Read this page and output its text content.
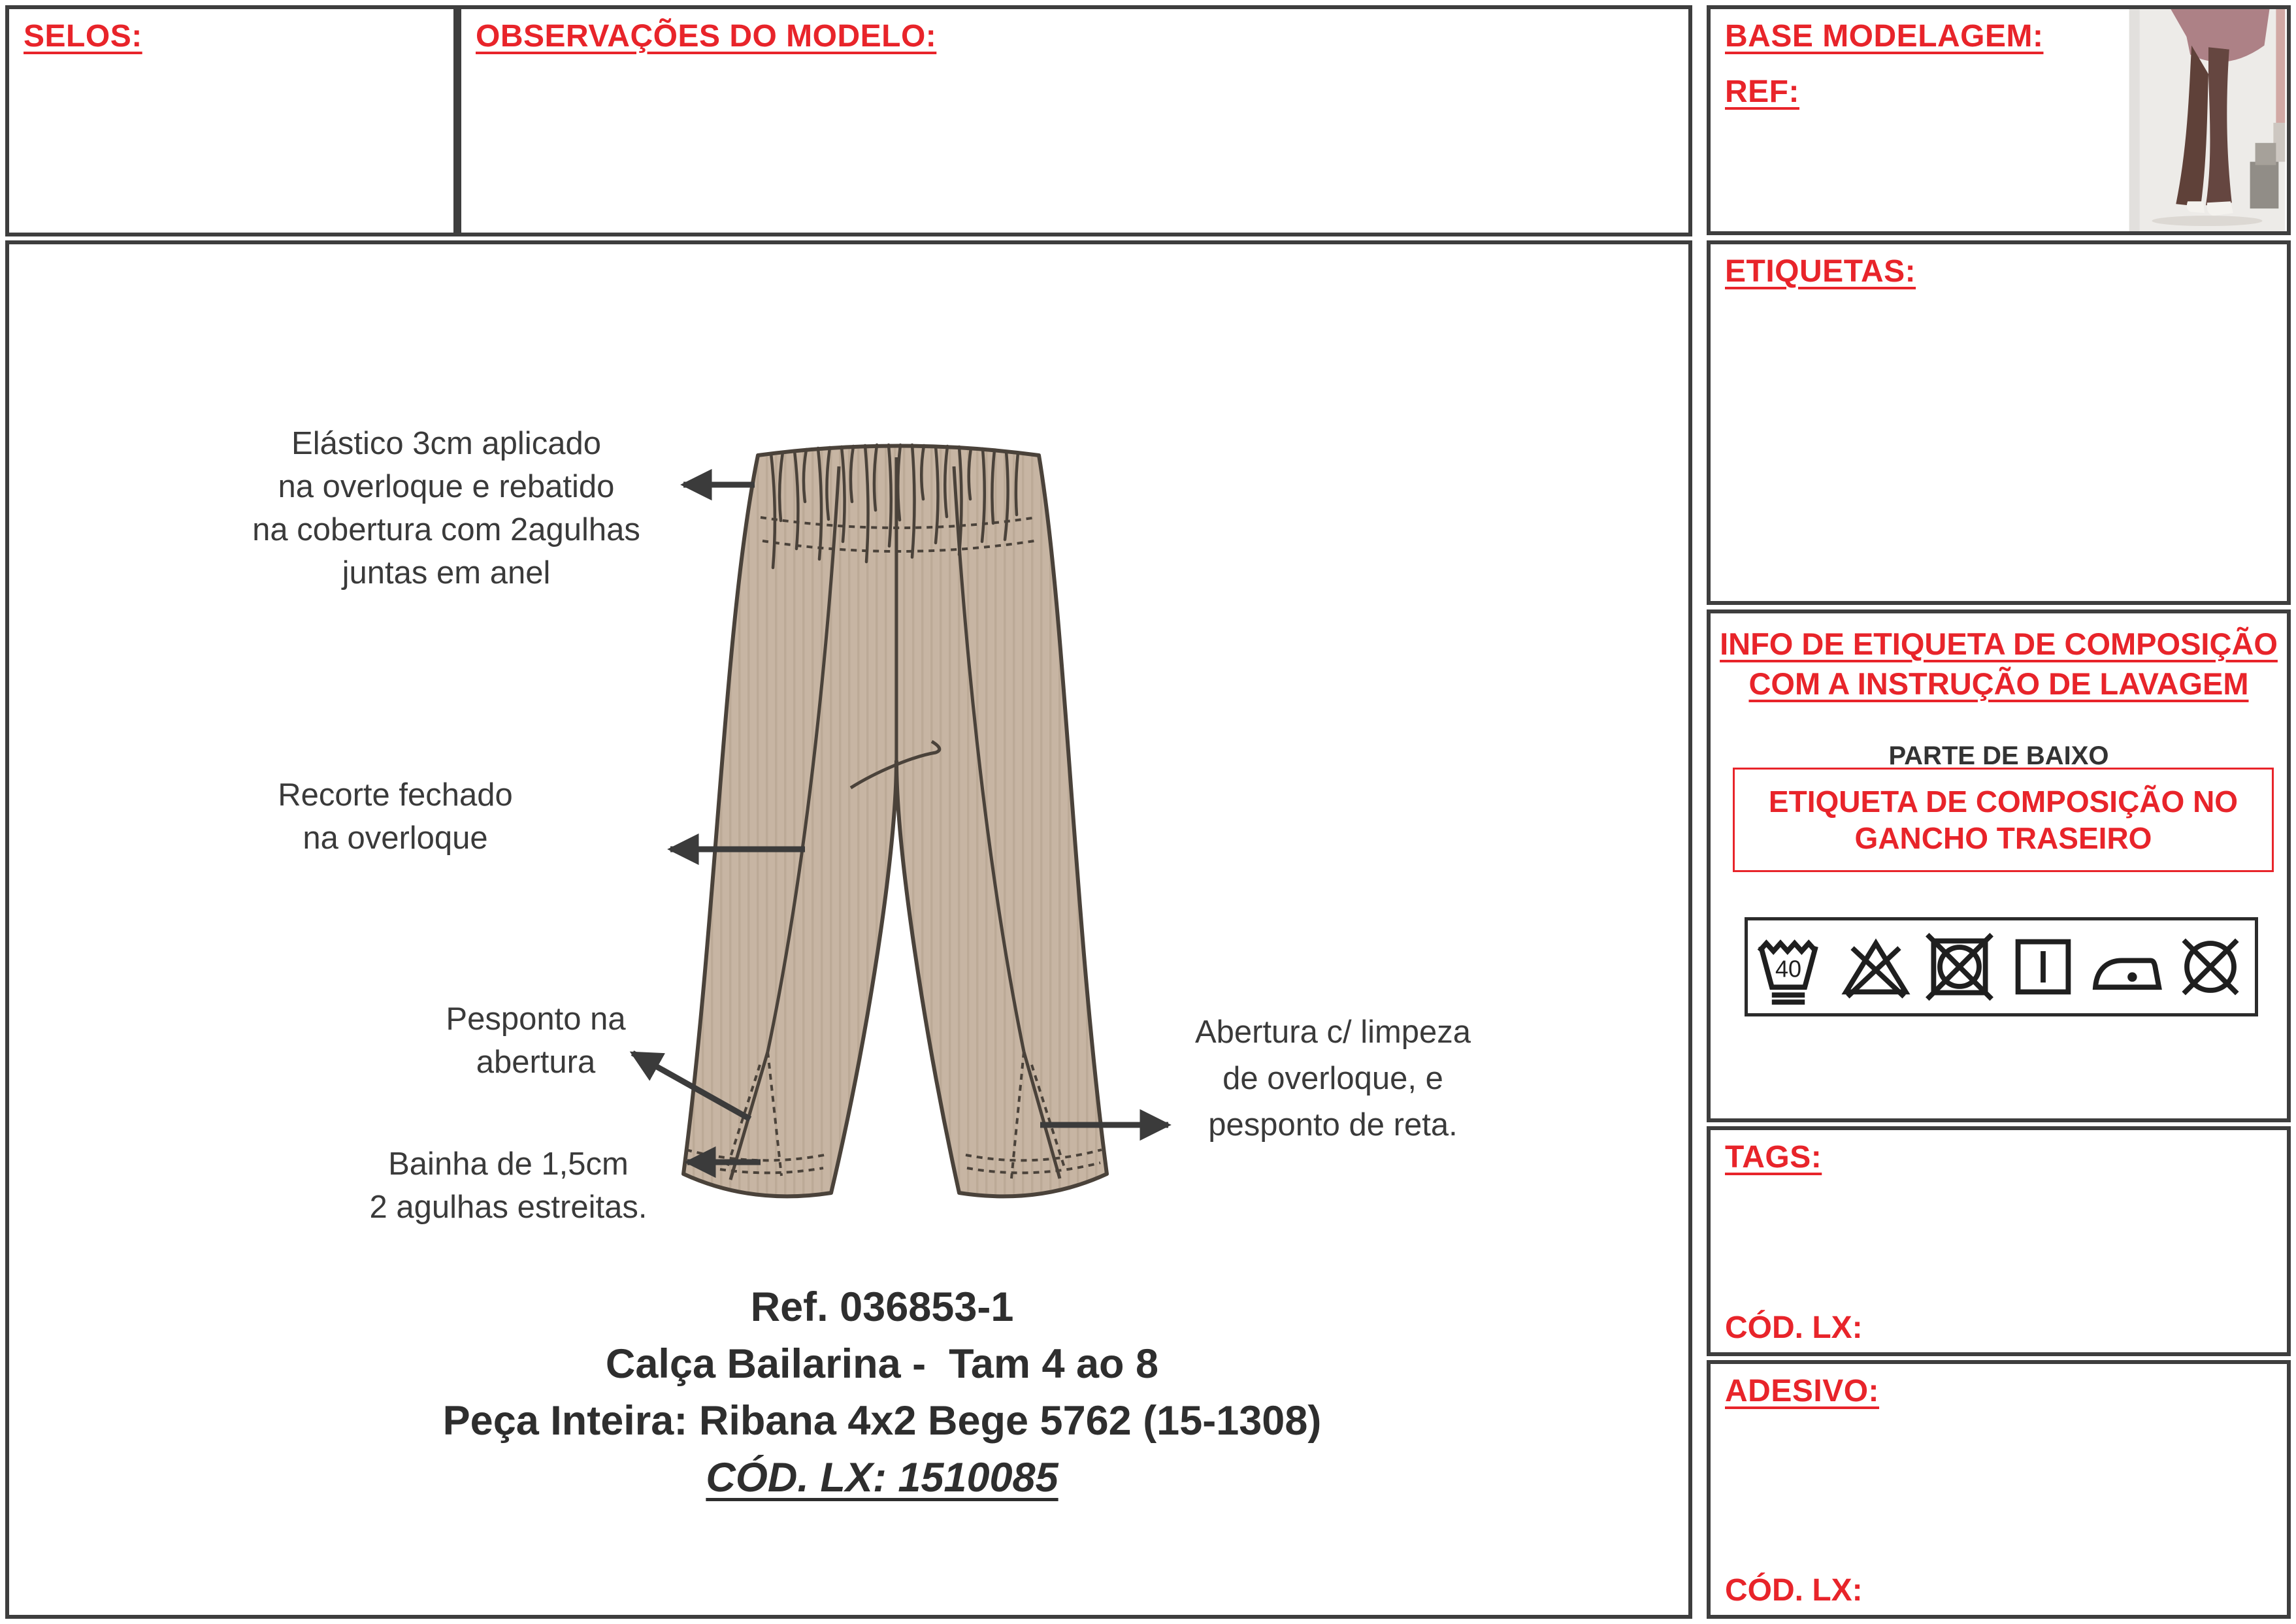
SELOS:	OBSERVAÇÕES DO MODELO:	BASE MODELAGEM:
REF:
ETIQUETAS:
INFO DE ETIQUETA DE COMPOSIÇÃO
COM A INSTRUÇÃO DE LAVAGEM
PARTE DE BAIXO
ETIQUETA DE COMPOSIÇÃO NO
GANCHO TRASEIRO
40
TAGS:
CÓD. LX:
ADESIVO:
CÓD. LX:
Elástico 3cm aplicado
na overloque e rebatido
na cobertura com 2agulhas
juntas em anel
Recorte fechado
na overloque
Pesponto na
abertura
Bainha de 1,5cm
2 agulhas estreitas.
Abertura c/ limpeza
de overloque, e
pesponto de reta.
Ref. 036853-1
Calça Bailarina -  Tam 4 ao 8
Peça Inteira: Ribana 4x2 Bege 5762 (15-1308)
CÓD. LX: 1510085
